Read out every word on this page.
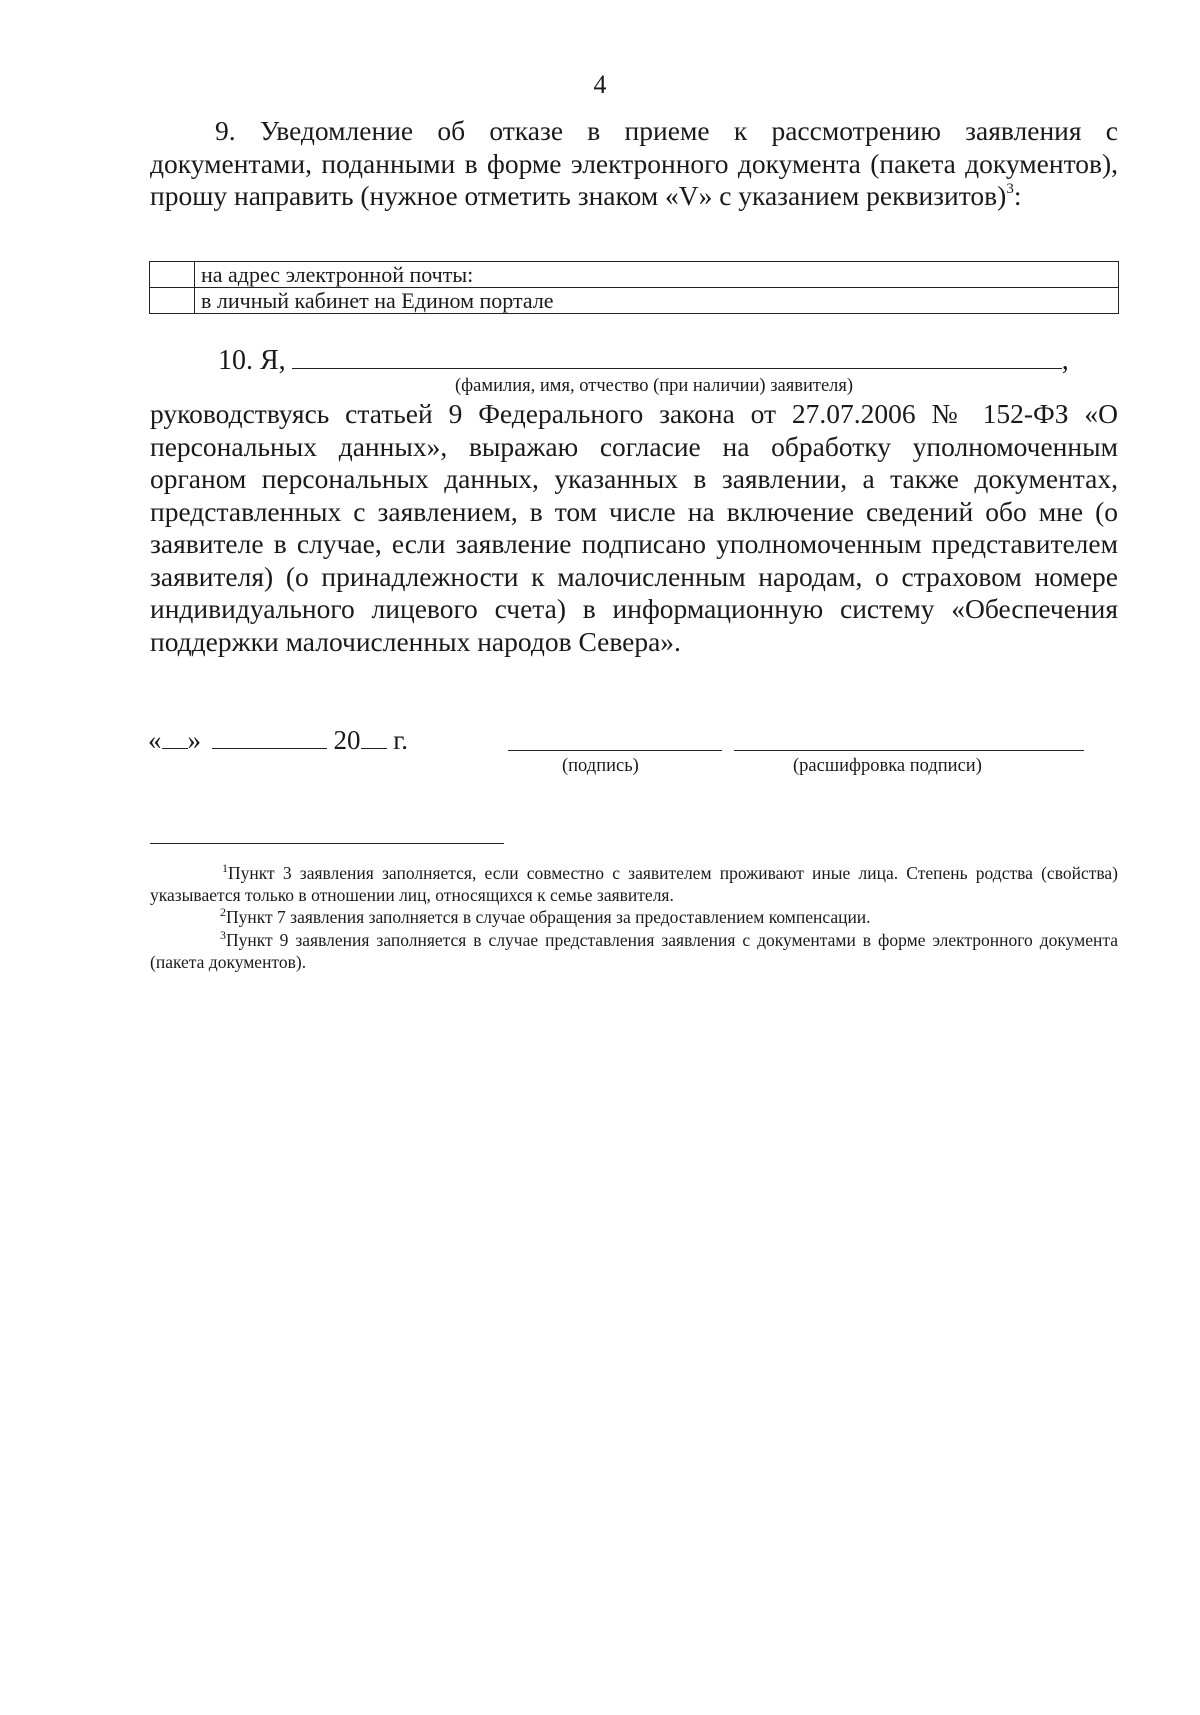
4
9. Уведомление об отказе в приеме к рассмотрению заявления с документами, поданными в форме электронного документа (пакета документов), прошу направить (нужное отметить знаком «V» с указанием реквизитов)$^3$:
	на адрес электронной почты:
	в личный кабинет на Едином портале
10. Я,	,
(фамилия, имя, отчество (при наличии) заявителя)
руководствуясь статьей 9 Федерального закона от 27.07.2006 № 152-ФЗ «О персональных данных», выражаю согласие на обработку уполномоченным органом персональных данных, указанных в заявлении, а также документах, представленных с заявлением, в том числе на включение сведений обо мне (о заявителе в случае, если заявление подписано уполномоченным представителем заявителя) (о принадлежности к малочисленным народам, о страховом номере индивидуального лицевого счета) в информационную систему «Обеспечения поддержки малочисленных народов Севера».
« »	20 г.
(подпись)	(расшифровка подписи)
$^1$Пункт 3 заявления заполняется, если совместно с заявителем проживают иные лица. Степень родства (свойства) указывается только в отношении лиц, относящихся к семье заявителя.
$^2$Пункт 7 заявления заполняется в случае обращения за предоставлением компенсации.
$^3$Пункт 9 заявления заполняется в случае представления заявления с документами в форме электронного документа (пакета документов).
